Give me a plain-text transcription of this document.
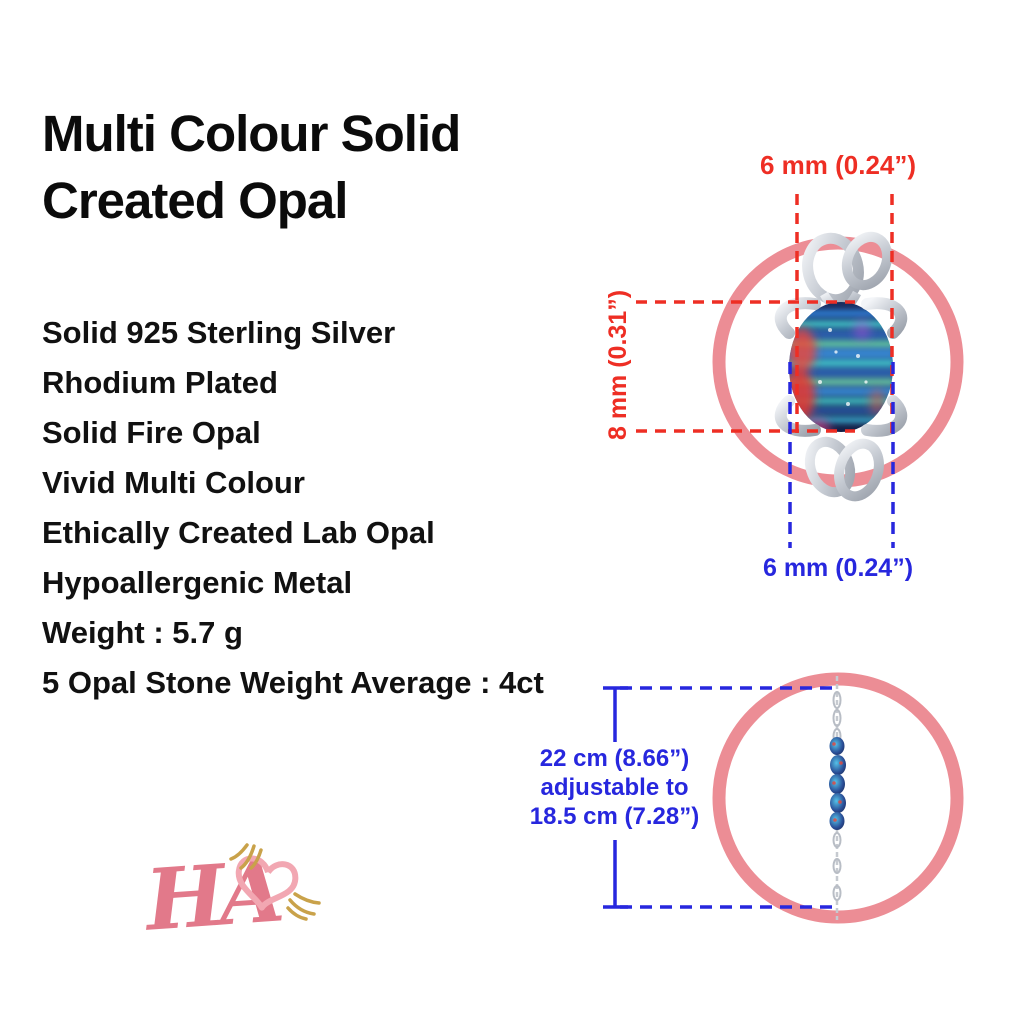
Multi Colour Solid
Created Opal
Solid 925 Sterling Silver
Rhodium Plated
Solid Fire Opal
Vivid Multi Colour
Ethically Created Lab Opal
Hypoallergenic Metal
Weight : 5.7 g
5 Opal Stone Weight Average : 4ct
HA
6 mm (0.24”)
8 mm (0.31”)
6 mm (0.24”)
22 cm (8.66”)
adjustable to
18.5 cm (7.28”)
